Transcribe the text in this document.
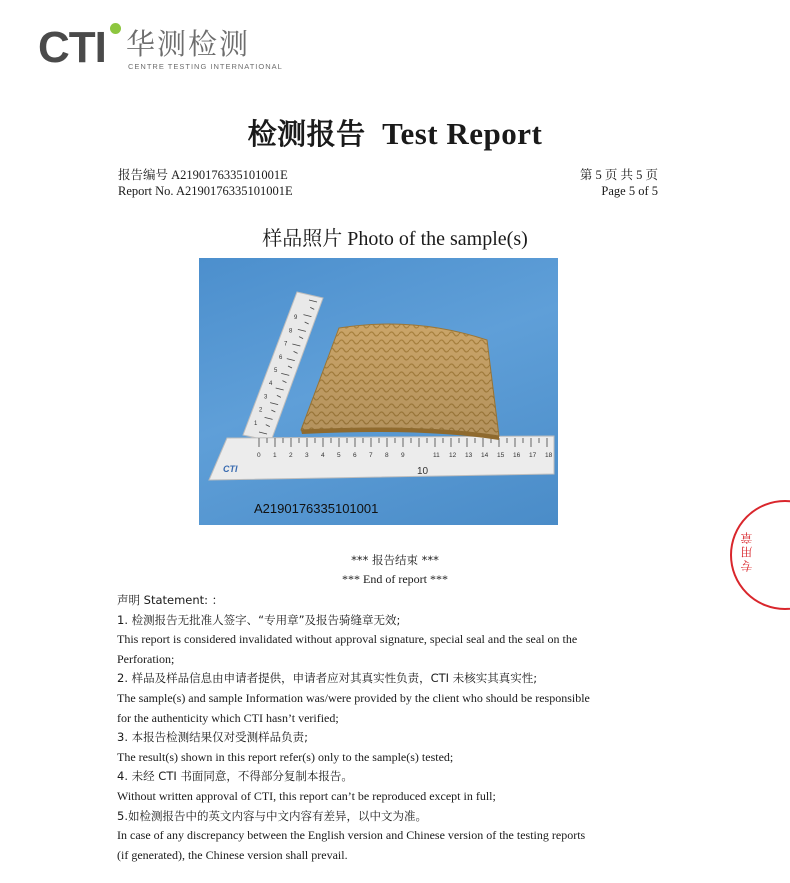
CTI 华测检测
CENTRE TESTING INTERNATIONAL
专用章
检测报告 Test Report
报告编号 A2190176335101001E
Report No. A2190176335101001E
第 5 页 共 5 页
Page 5 of 5
样品照片 Photo of the sample(s)
CTI
0 1 2 3 4 5 6 7 8 9
10
11 12 13 14 15 16 17 18
9
8
7
6
5
4
3
2
1
A2190176335101001
*** 报告结束 ***
*** End of report ***
声明 Statement: ：
1. 检测报告无批准人签字、“专用章”及报告骑缝章无效;
This report is considered invalidated without approval signature, special seal and the seal on the
Perforation;
2. 样品及样品信息由申请者提供，申请者应对其真实性负责，CTI 未核实其真实性;
The sample(s) and sample Information was/were provided by the client who should be responsible
for the authenticity which CTI hasn’t verified;
3. 本报告检测结果仅对受测样品负责;
The result(s) shown in this report refer(s) only to the sample(s) tested;
4. 未经 CTI 书面同意，不得部分复制本报告。
Without written approval of CTI, this report can’t be reproduced except in full;
5.如检测报告中的英文内容与中文内容有差异，以中文为准。
In case of any discrepancy between the English version and Chinese version of the testing reports
(if generated), the Chinese version shall prevail.
